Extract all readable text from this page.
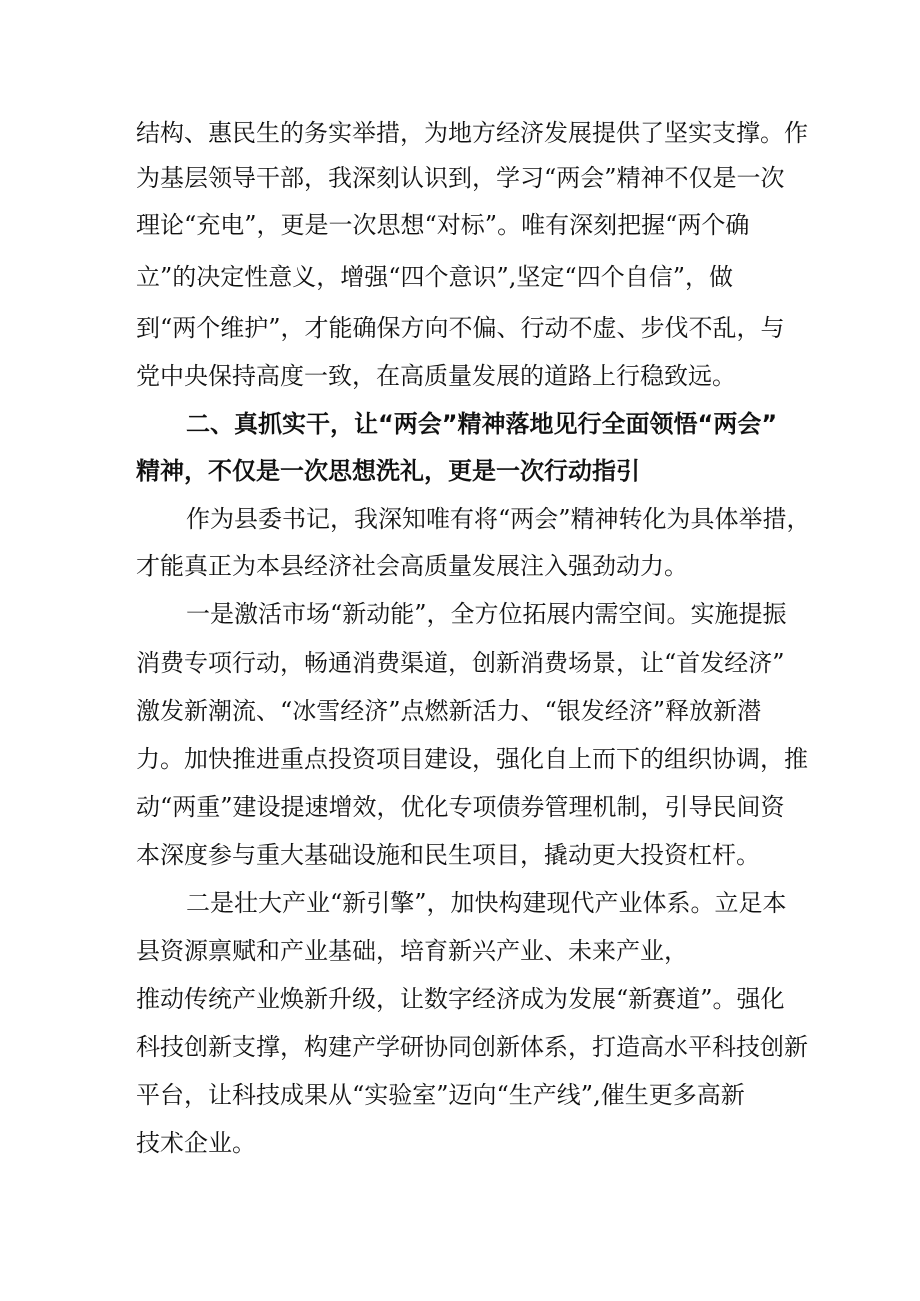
结构、惠民生的务实举措，为地方经济发展提供了坚实支撑。作
为基层领导干部，我深刻认识到，学习“两会”精神不仅是一次
理论“充电”，更是一次思想“对标”。唯有深刻把握“两个确
立”的决定性意义，增强“四个意识”,坚定“四个自信”，做
到“两个维护”，才能确保方向不偏、行动不虚、步伐不乱，与
党中央保持高度一致，在高质量发展的道路上行稳致远。
二、真抓实干，让“两会”精神落地见行全面领悟“两会”
精神，不仅是一次思想洗礼，更是一次行动指引
作为县委书记，我深知唯有将“两会”精神转化为具体举措，
才能真正为本县经济社会高质量发展注入强劲动力。
一是激活市场“新动能”，全方位拓展内需空间。实施提振
消费专项行动，畅通消费渠道，创新消费场景，让“首发经济”
激发新潮流、“冰雪经济”点燃新活力、“银发经济”释放新潜
力。加快推进重点投资项目建设，强化自上而下的组织协调，推
动“两重”建设提速增效，优化专项债券管理机制，引导民间资
本深度参与重大基础设施和民生项目，撬动更大投资杠杆。
二是壮大产业“新引擎”，加快构建现代产业体系。立足本
县资源禀赋和产业基础，培育新兴产业、未来产业，
推动传统产业焕新升级，让数字经济成为发展“新赛道”。强化
科技创新支撑，构建产学研协同创新体系，打造高水平科技创新
平台，让科技成果从“实验室”迈向“生产线”,催生更多高新
技术企业。
